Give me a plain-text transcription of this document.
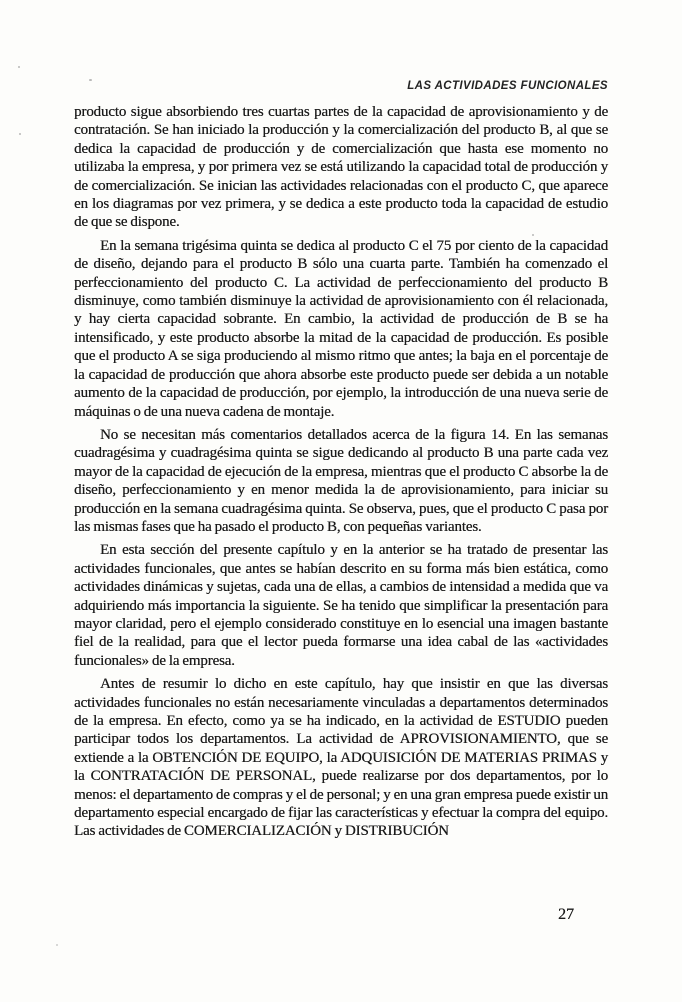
LAS ACTIVIDADES FUNCIONALES

producto sigue absorbiendo tres cuartas partes de la capacidad de aprovisionamiento y de contratación. Se han iniciado la producción y la comercialización del producto B, al que se dedica la capacidad de producción y de comercialización que hasta ese momento no utilizaba la empresa, y por primera vez se está utilizando la capacidad total de producción y de comercialización. Se inician las actividades relacionadas con el producto C, que aparece en los diagramas por vez primera, y se dedica a este producto toda la capacidad de estudio de que se dispone.

En la semana trigésima quinta se dedica al producto C el 75 por ciento de la capacidad de diseño, dejando para el producto B sólo una cuarta parte. También ha comenzado el perfeccionamiento del producto C. La actividad de perfeccionamiento del producto B disminuye, como también disminuye la actividad de aprovisionamiento con él relacionada, y hay cierta capacidad sobrante. En cambio, la actividad de producción de B se ha intensificado, y este producto absorbe la mitad de la capacidad de producción. Es posible que el producto A se siga produciendo al mismo ritmo que antes; la baja en el porcentaje de la capacidad de producción que ahora absorbe este producto puede ser debida a un notable aumento de la capacidad de producción, por ejemplo, la introducción de una nueva serie de máquinas o de una nueva cadena de montaje.

No se necesitan más comentarios detallados acerca de la figura 14. En las semanas cuadragésima y cuadragésima quinta se sigue dedicando al producto B una parte cada vez mayor de la capacidad de ejecución de la empresa, mientras que el producto C absorbe la de diseño, perfeccionamiento y en menor medida la de aprovisionamiento, para iniciar su producción en la semana cuadragésima quinta. Se observa, pues, que el producto C pasa por las mismas fases que ha pasado el producto B, con pequeñas variantes.

En esta sección del presente capítulo y en la anterior se ha tratado de presentar las actividades funcionales, que antes se habían descrito en su forma más bien estática, como actividades dinámicas y sujetas, cada una de ellas, a cambios de intensidad a medida que va adquiriendo más importancia la siguiente. Se ha tenido que simplificar la presentación para mayor claridad, pero el ejemplo considerado constituye en lo esencial una imagen bastante fiel de la realidad, para que el lector pueda formarse una idea cabal de las «actividades funcionales» de la empresa.

Antes de resumir lo dicho en este capítulo, hay que insistir en que las diversas actividades funcionales no están necesariamente vinculadas a departamentos determinados de la empresa. En efecto, como ya se ha indicado, en la actividad de ESTUDIO pueden participar todos los departamentos. La actividad de APROVISIONAMIENTO, que se extiende a la OBTENCIÓN DE EQUIPO, la ADQUISICIÓN DE MATERIAS PRIMAS y la CONTRATACIÓN DE PERSONAL, puede realizarse por dos departamentos, por lo menos: el departamento de compras y el de personal; y en una gran empresa puede existir un departamento especial encargado de fijar las características y efectuar la compra del equipo. Las actividades de COMERCIALIZACIÓN y DISTRIBUCIÓN

27
